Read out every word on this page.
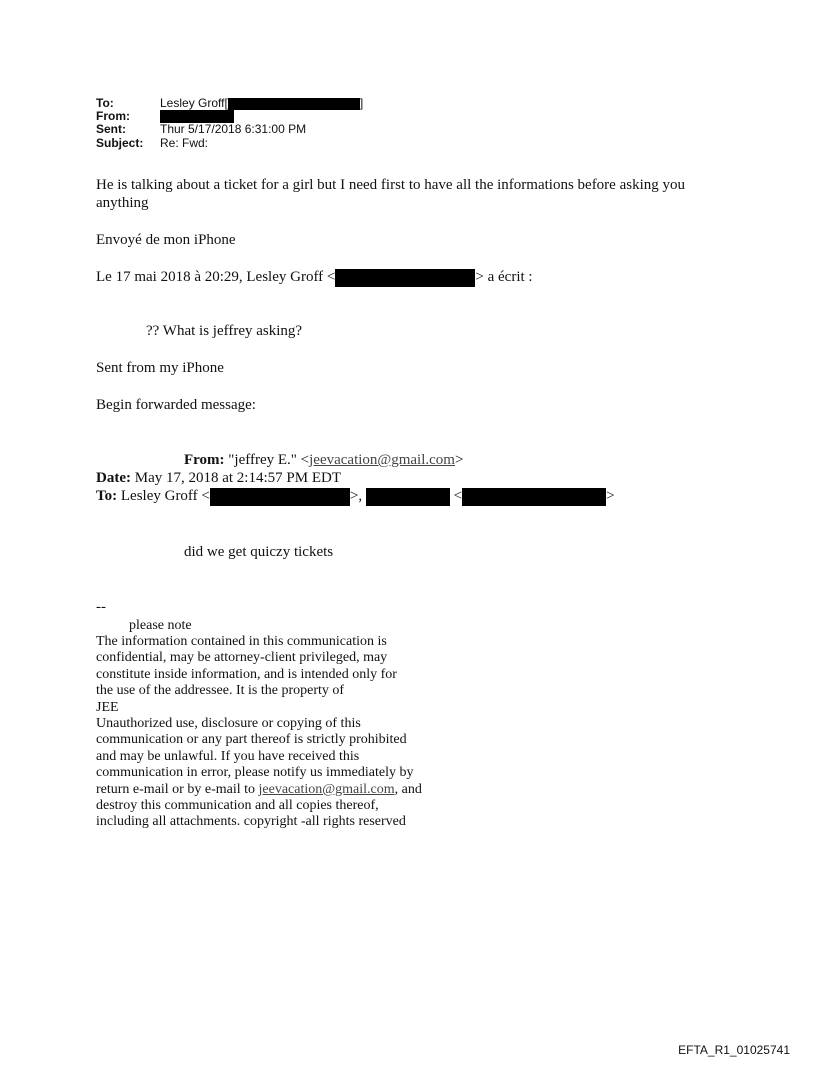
To:	Lesley Groff[	]
From:
Sent:	Thur 5/17/2018 6:31:00 PM
Subject: Re: Fwd:
He is talking about a ticket for a girl but I need first to have all the informations before asking you anything
Envoyé de mon iPhone
Le 17 mai 2018 à 20:29, Lesley Groff <	> a écrit :
?? What is jeffrey asking?
Sent from my iPhone
Begin forwarded message:
From: "jeffrey E." <jeevacation@gmail.com>
Date: May 17, 2018 at 2:14:57 PM EDT
To: Lesley Groff <	>,	<	>
did we get quiczy tickets
--
please note
The information contained in this communication is
confidential, may be attorney-client privileged, may
constitute inside information, and is intended only for
the use of the addressee. It is the property of
JEE
Unauthorized use, disclosure or copying of this
communication or any part thereof is strictly prohibited
and may be unlawful. If you have received this
communication in error, please notify us immediately by
return e-mail or by e-mail to jeevacation@gmail.com, and
destroy this communication and all copies thereof,
including all attachments. copyright -all rights reserved
EFTA_R1_01025741
